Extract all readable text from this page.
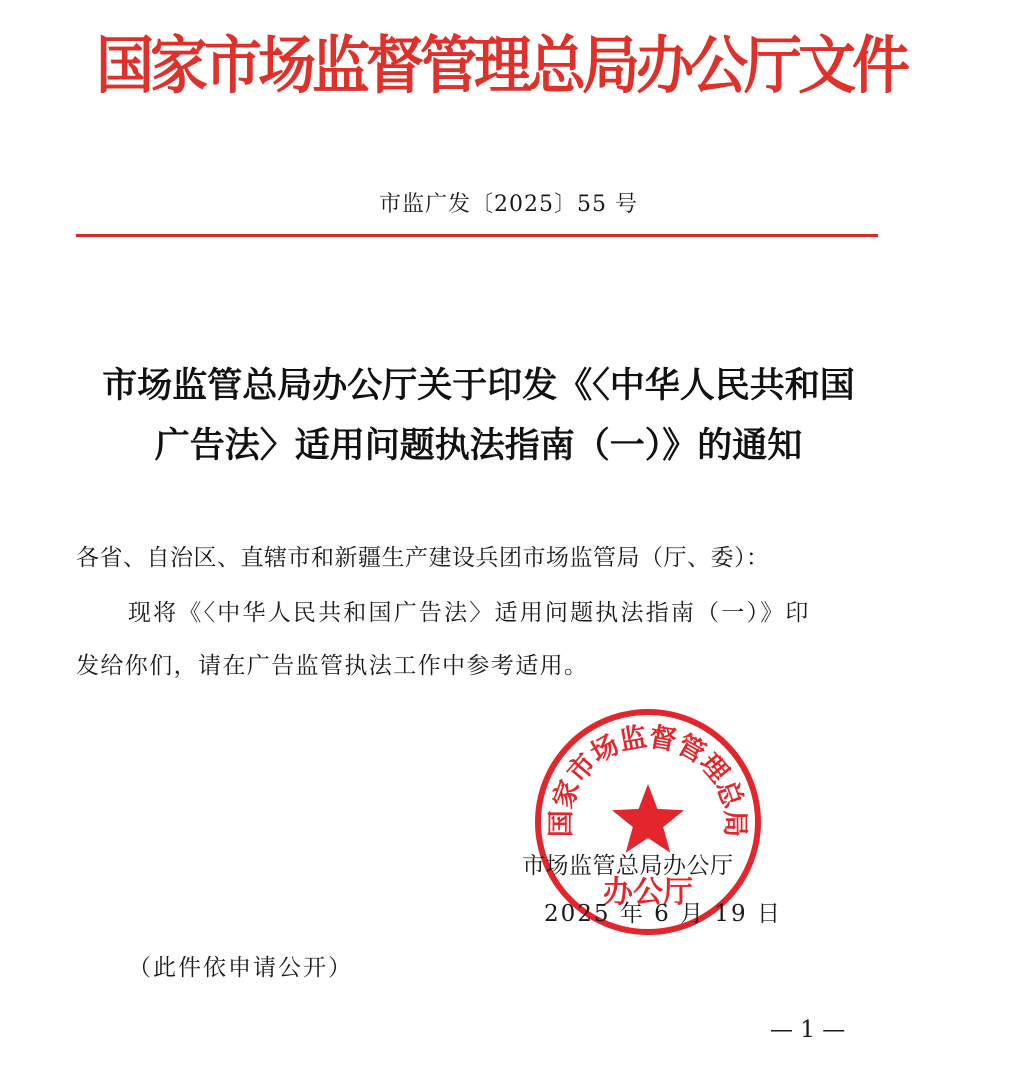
国家市场监督管理总局办公厅文件
市监广发〔2025〕55 号
市场监管总局办公厅关于印发《〈中华人民共和国
广告法〉适用问题执法指南（一）》的通知
各省、自治区、直辖市和新疆生产建设兵团市场监管局（厅、委）：
现将《〈中华人民共和国广告法〉适用问题执法指南（一）》印
发给你们，请在广告监管执法工作中参考适用。
国家市场监督管理总局
办公厅
市场监管总局办公厅
2025 年 6 月 19 日
（此件依申请公开）
— 1 —
